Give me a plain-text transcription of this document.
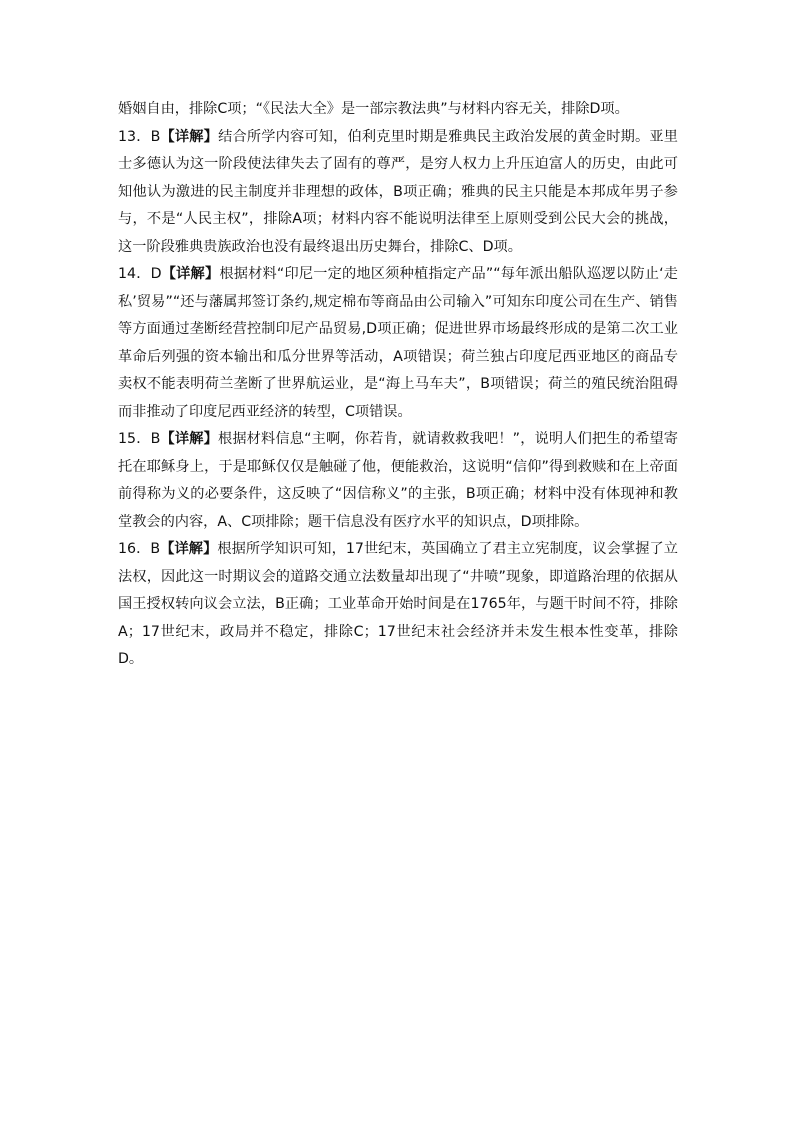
婚姻自由，排除C项；“《民法大全》是一部宗教法典”与材料内容无关，排除D项。

13．B【详解】结合所学内容可知，伯利克里时期是雅典民主政治发展的黄金时期。亚里士多德认为这一阶段使法律失去了固有的尊严，是穷人权力上升压迫富人的历史，由此可知他认为激进的民主制度并非理想的政体，B项正确；雅典的民主只能是本邦成年男子参与，不是“人民主权”，排除A项；材料内容不能说明法律至上原则受到公民大会的挑战，这一阶段雅典贵族政治也没有最终退出历史舞台，排除C、D项。

14．D【详解】根据材料“印尼一定的地区须种植指定产品”“每年派出船队巡逻以防止‘走私’贸易”“还与藩属邦签订条约,规定棉布等商品由公司输入”可知东印度公司在生产、销售等方面通过垄断经营控制印尼产品贸易,D项正确；促进世界市场最终形成的是第二次工业革命后列强的资本输出和瓜分世界等活动，A项错误；荷兰独占印度尼西亚地区的商品专卖权不能表明荷兰垄断了世界航运业，是“海上马车夫”，B项错误；荷兰的殖民统治阻碍而非推动了印度尼西亚经济的转型，C项错误。

15．B【详解】根据材料信息“主啊，你若肯，就请救救我吧！”，说明人们把生的希望寄托在耶稣身上，于是耶稣仅仅是触碰了他，便能救治，这说明“信仰”得到救赎和在上帝面前得称为义的必要条件，这反映了“因信称义”的主张，B项正确；材料中没有体现神和教堂教会的内容，A、C项排除；题干信息没有医疗水平的知识点，D项排除。

16．B【详解】根据所学知识可知，17世纪末，英国确立了君主立宪制度，议会掌握了立法权，因此这一时期议会的道路交通立法数量却出现了“井喷”现象，即道路治理的依据从国王授权转向议会立法，B正确；工业革命开始时间是在1765年，与题干时间不符，排除A；17世纪末，政局并不稳定，排除C；17世纪末社会经济并未发生根本性变革，排除D。
